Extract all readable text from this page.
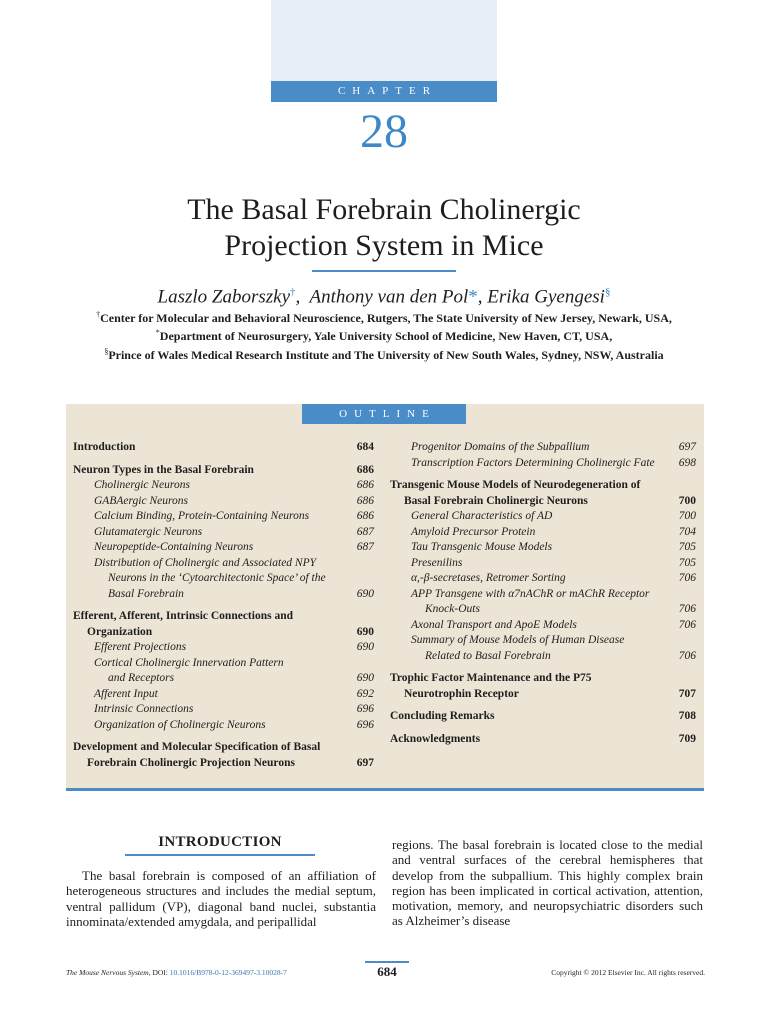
CHAPTER
28
The Basal Forebrain Cholinergic
Projection System in Mice
Laszlo Zaborszky†,  Anthony van den Pol*, Erika Gyengesi§
†Center for Molecular and Behavioral Neuroscience, Rutgers, The State University of New Jersey, Newark, USA,
*Department of Neurosurgery, Yale University School of Medicine, New Haven, CT, USA,
§Prince of Wales Medical Research Institute and The University of New South Wales, Sydney, NSW, Australia
OUTLINE
Introduction	684
Neuron Types in the Basal Forebrain	686
Cholinergic Neurons	686
GABAergic Neurons	686
Calcium Binding, Protein-Containing Neurons	686
Glutamatergic Neurons	687
Neuropeptide-Containing Neurons	687
Distribution of Cholinergic and Associated NPY
Neurons in the ‘Cytoarchitectonic Space’ of the
Basal Forebrain	690
Efferent, Afferent, Intrinsic Connections and
Organization	690
Efferent Projections	690
Cortical Cholinergic Innervation Pattern
and Receptors	690
Afferent Input	692
Intrinsic Connections	696
Organization of Cholinergic Neurons	696
Development and Molecular Specification of Basal
Forebrain Cholinergic Projection Neurons	697
Progenitor Domains of the Subpallium	697
Transcription Factors Determining Cholinergic Fate	698
Transgenic Mouse Models of Neurodegeneration of
Basal Forebrain Cholinergic Neurons	700
General Characteristics of AD	700
Amyloid Precursor Protein	704
Tau Transgenic Mouse Models	705
Presenilins	705
α,-β-secretases, Retromer Sorting	706
APP Transgene with α7nAChR or mAChR Receptor
Knock-Outs	706
Axonal Transport and ApoE Models	706
Summary of Mouse Models of Human Disease
Related to Basal Forebrain	706
Trophic Factor Maintenance and the P75
Neurotrophin Receptor	707
Concluding Remarks	708
Acknowledgments	709
INTRODUCTION
The basal forebrain is composed of an affiliation of heterogeneous structures and includes the medial septum, ventral pallidum (VP), diagonal band nuclei, substantia innominata/extended amygdala, and peripallidal
regions. The basal forebrain is located close to the medial and ventral surfaces of the cerebral hemispheres that develop from the subpallium. This highly complex brain region has been implicated in cortical activation, attention, motivation, memory, and neuropsychiatric disorders such as Alzheimer’s disease
The Mouse Nervous System, DOI: 10.1016/B978-0-12-369497-3.10028-7	684	Copyright © 2012 Elsevier Inc. All rights reserved.
